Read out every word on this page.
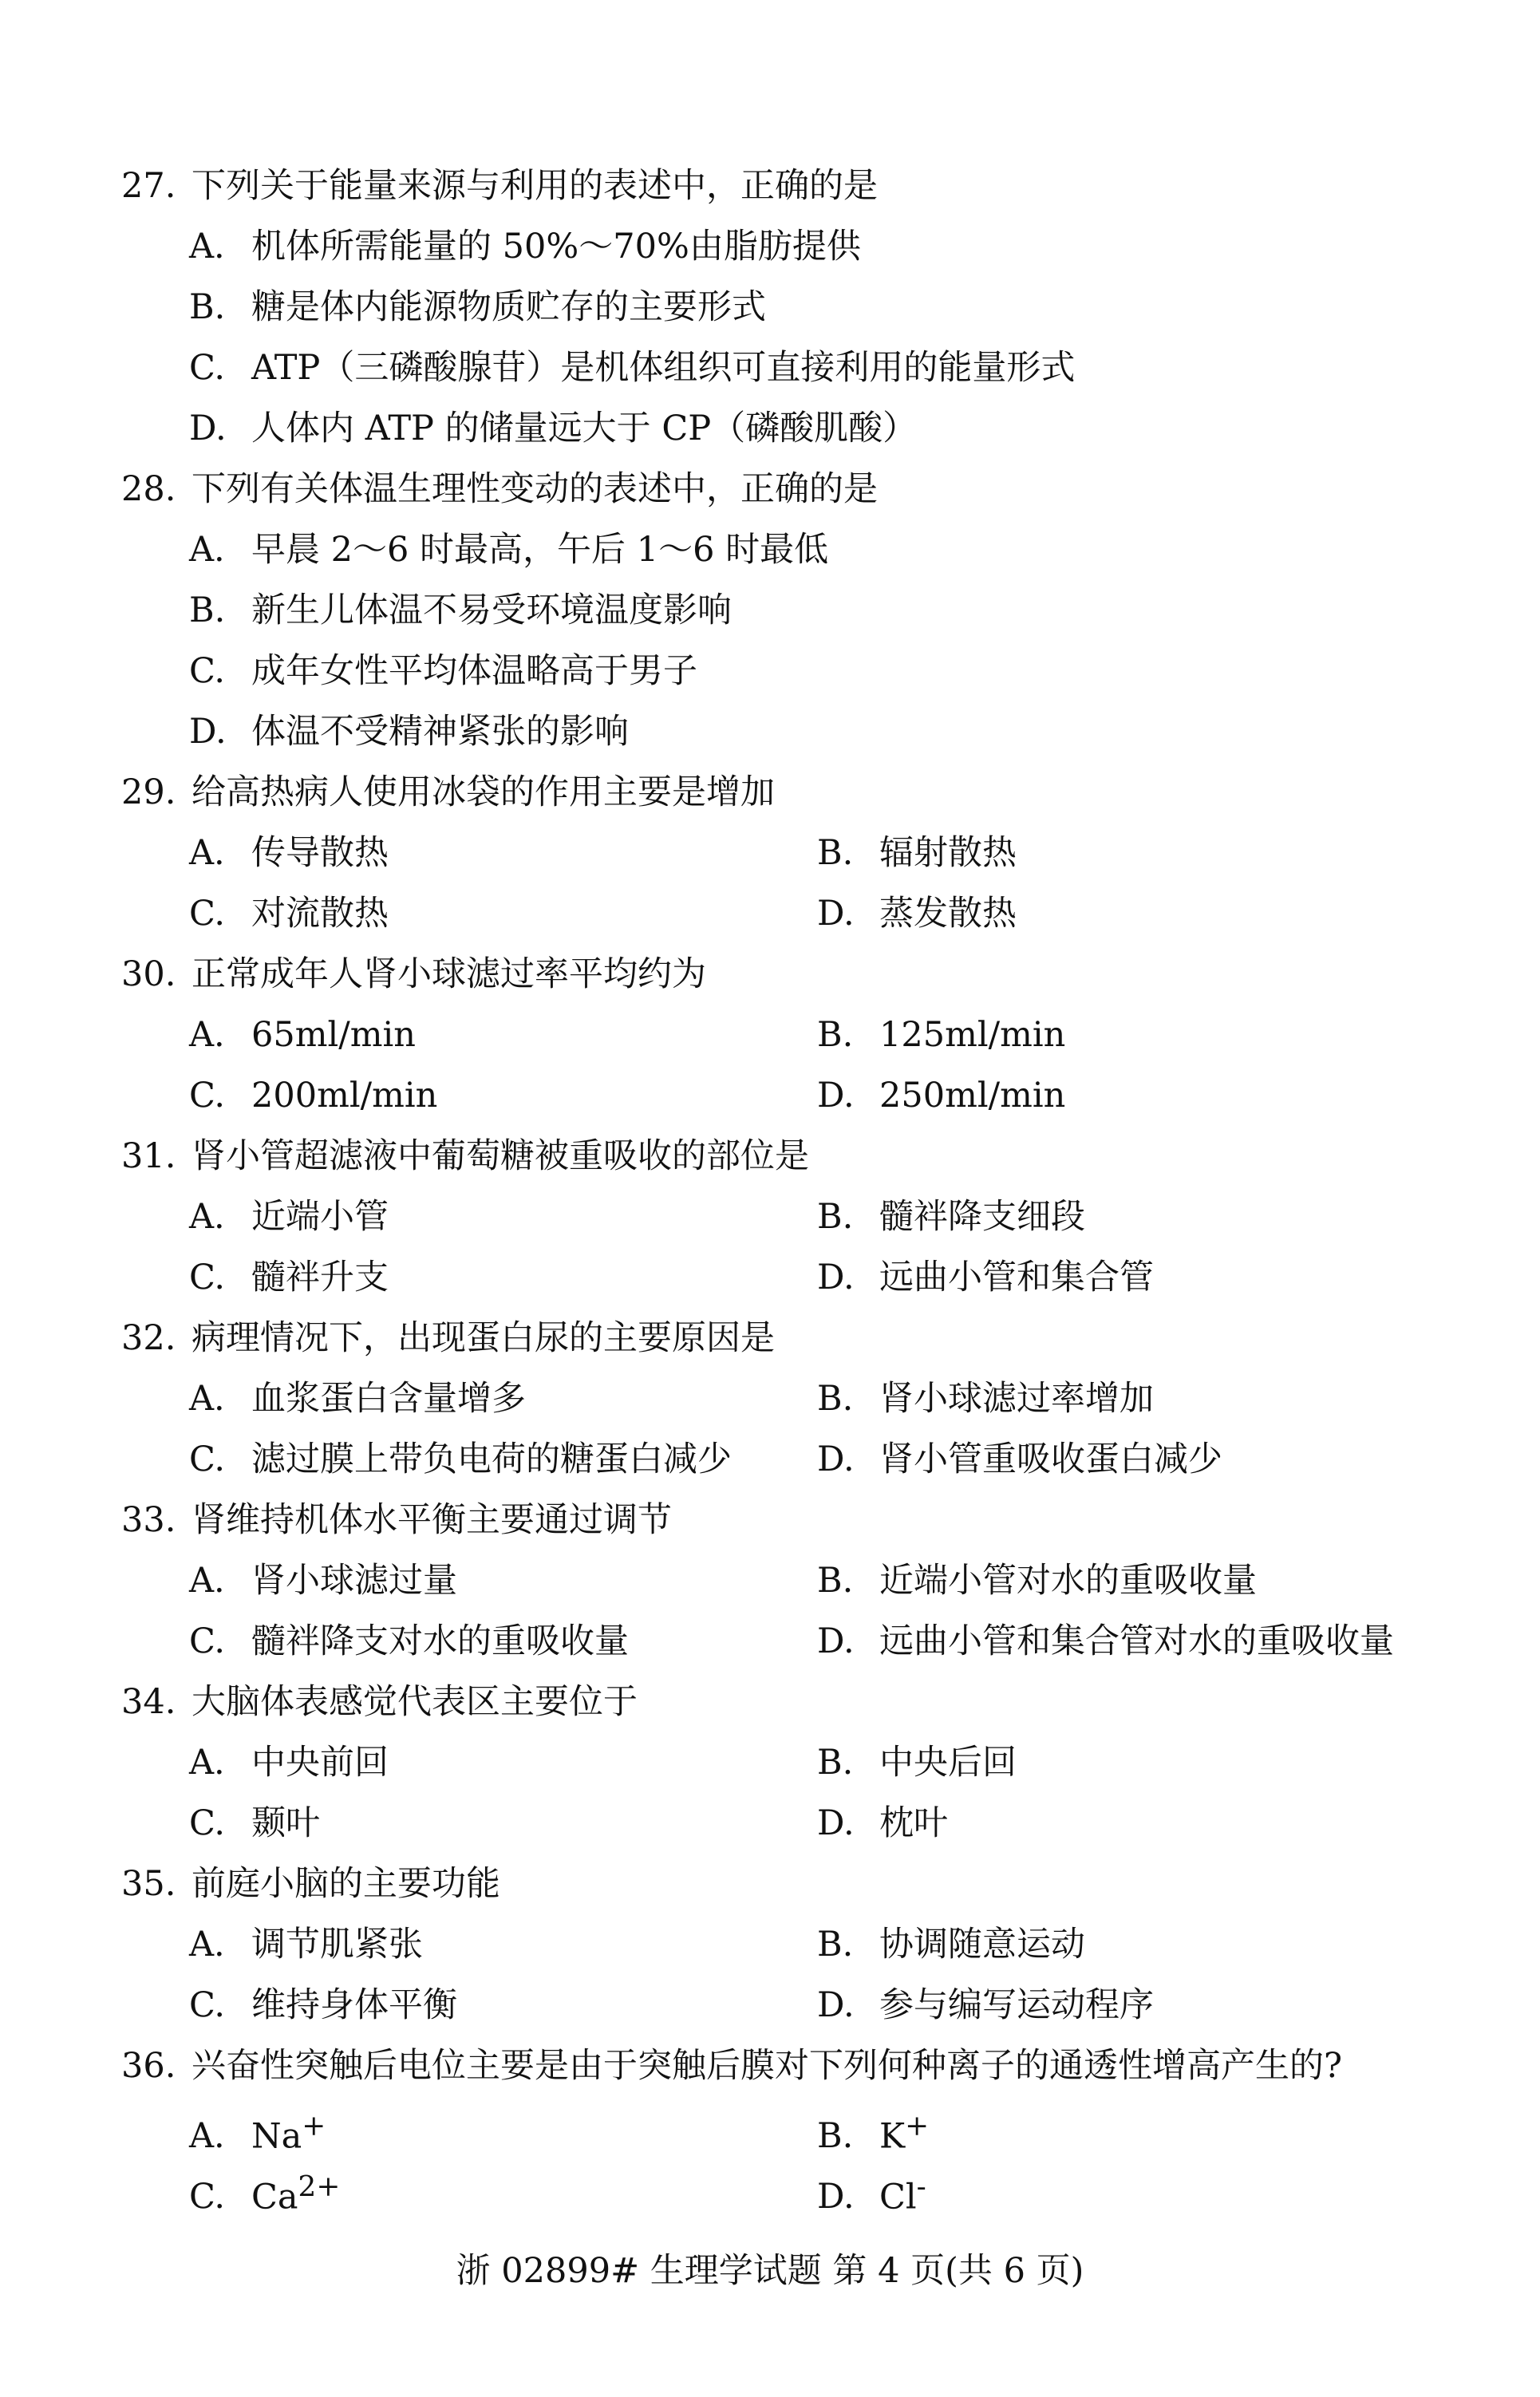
27. 下列关于能量来源与利用的表述中，正确的是
A. 机体所需能量的 50%～70%由脂肪提供
B. 糖是体内能源物质贮存的主要形式
C. ATP（三磷酸腺苷）是机体组织可直接利用的能量形式
D. 人体内 ATP 的储量远大于 CP（磷酸肌酸）
28. 下列有关体温生理性变动的表述中，正确的是
A. 早晨 2～6 时最高，午后 1～6 时最低
B. 新生儿体温不易受环境温度影响
C. 成年女性平均体温略高于男子
D. 体温不受精神紧张的影响
29. 给高热病人使用冰袋的作用主要是增加
A. 传导散热	B. 辐射散热
C. 对流散热	D. 蒸发散热
30. 正常成年人肾小球滤过率平均约为
A. 65ml/min	B. 125ml/min
C. 200ml/min	D. 250ml/min
31. 肾小管超滤液中葡萄糖被重吸收的部位是
A. 近端小管	B. 髓袢降支细段
C. 髓袢升支	D. 远曲小管和集合管
32. 病理情况下，出现蛋白尿的主要原因是
A. 血浆蛋白含量增多	B. 肾小球滤过率增加
C. 滤过膜上带负电荷的糖蛋白减少 D. 肾小管重吸收蛋白减少
33. 肾维持机体水平衡主要通过调节
A. 肾小球滤过量	B. 近端小管对水的重吸收量
C. 髓袢降支对水的重吸收量	D. 远曲小管和集合管对水的重吸收量
34. 大脑体表感觉代表区主要位于
A. 中央前回	B. 中央后回
C. 颞叶	D. 枕叶
35. 前庭小脑的主要功能
A. 调节肌紧张	B. 协调随意运动
C. 维持身体平衡	D. 参与编写运动程序
36. 兴奋性突触后电位主要是由于突触后膜对下列何种离子的通透性增高产生的?
A. Na+	B. K+
C. $Ca^{2+}$	D. Cl-
浙 02899# 生理学试题 第 4 页(共 6 页)
